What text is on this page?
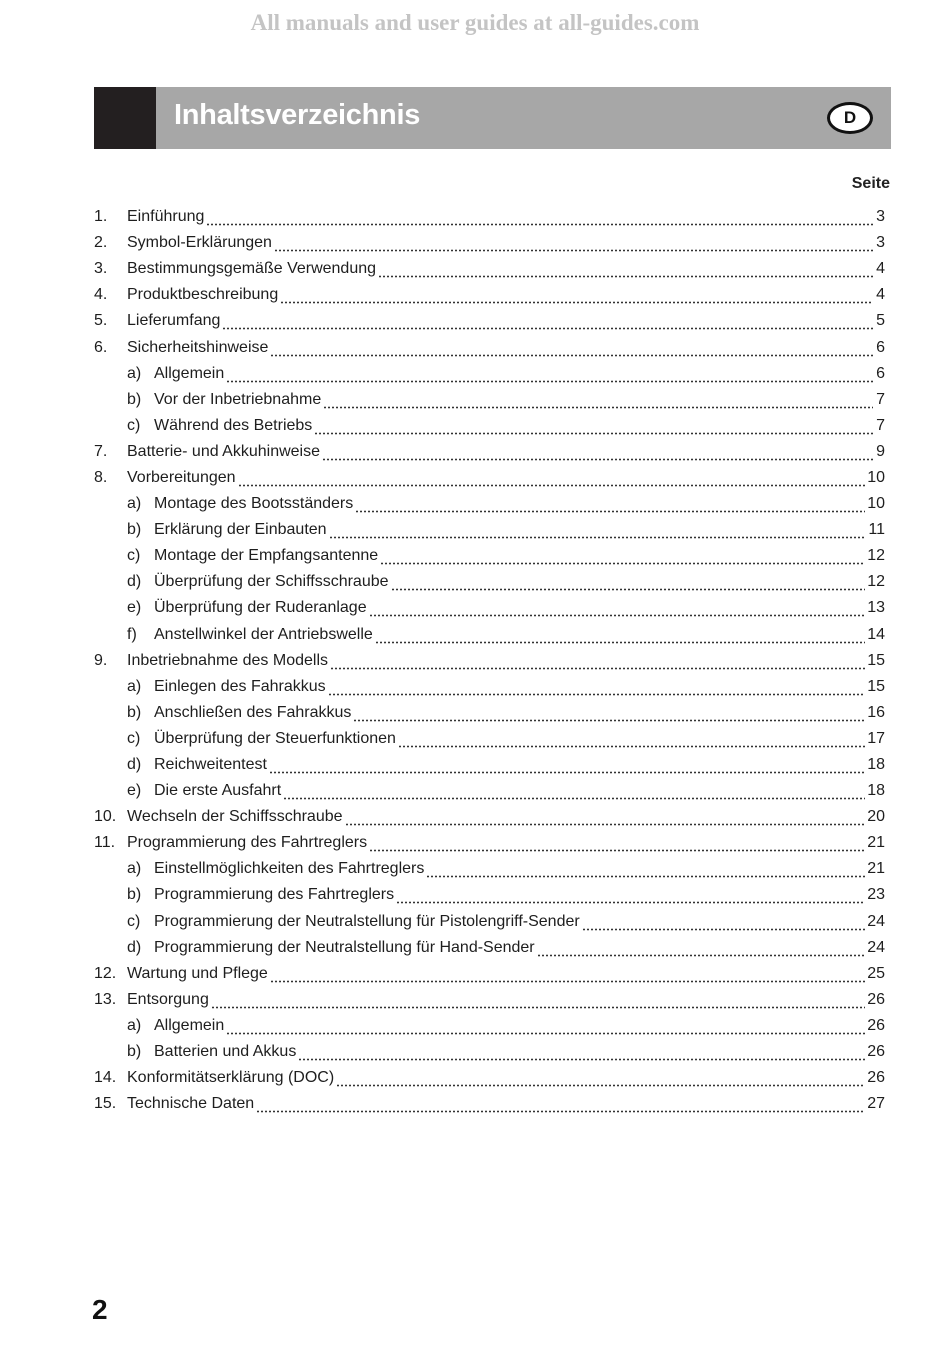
All manuals and user guides at all-guides.com
Inhaltsverzeichnis	D
Seite
1.	Einführung	3
2.	Symbol-Erklärungen	3
3.	Bestimmungsgemäße Verwendung	4
4.	Produktbeschreibung	4
5.	Lieferumfang	5
6.	Sicherheitshinweise	6
a) Allgemein	6
b) Vor der Inbetriebnahme	7
c) Während des Betriebs	7
7.	Batterie- und Akkuhinweise	9
8.	Vorbereitungen	10
a) Montage des Bootsständers	10
b) Erklärung der Einbauten	11
c) Montage der Empfangsantenne	12
d) Überprüfung der Schiffsschraube	12
e) Überprüfung der Ruderanlage	13
f)	Anstellwinkel der Antriebswelle	14
9.	Inbetriebnahme des Modells	15
a) Einlegen des Fahrakkus	15
b) Anschließen des Fahrakkus	16
c) Überprüfung der Steuerfunktionen	17
d) Reichweitentest	18
e) Die erste Ausfahrt	18
10. Wechseln der Schiffsschraube	20
11. Programmierung des Fahrtreglers	21
a) Einstellmöglichkeiten des Fahrtreglers	21
b) Programmierung des Fahrtreglers	23
c) Programmierung der Neutralstellung für Pistolengriff-Sender	24
d) Programmierung der Neutralstellung für Hand-Sender	24
12. Wartung und Pflege	25
13. Entsorgung	26
a) Allgemein	26
b) Batterien und Akkus	26
14. Konformitätserklärung (DOC)	26
15. Technische Daten	27
2
